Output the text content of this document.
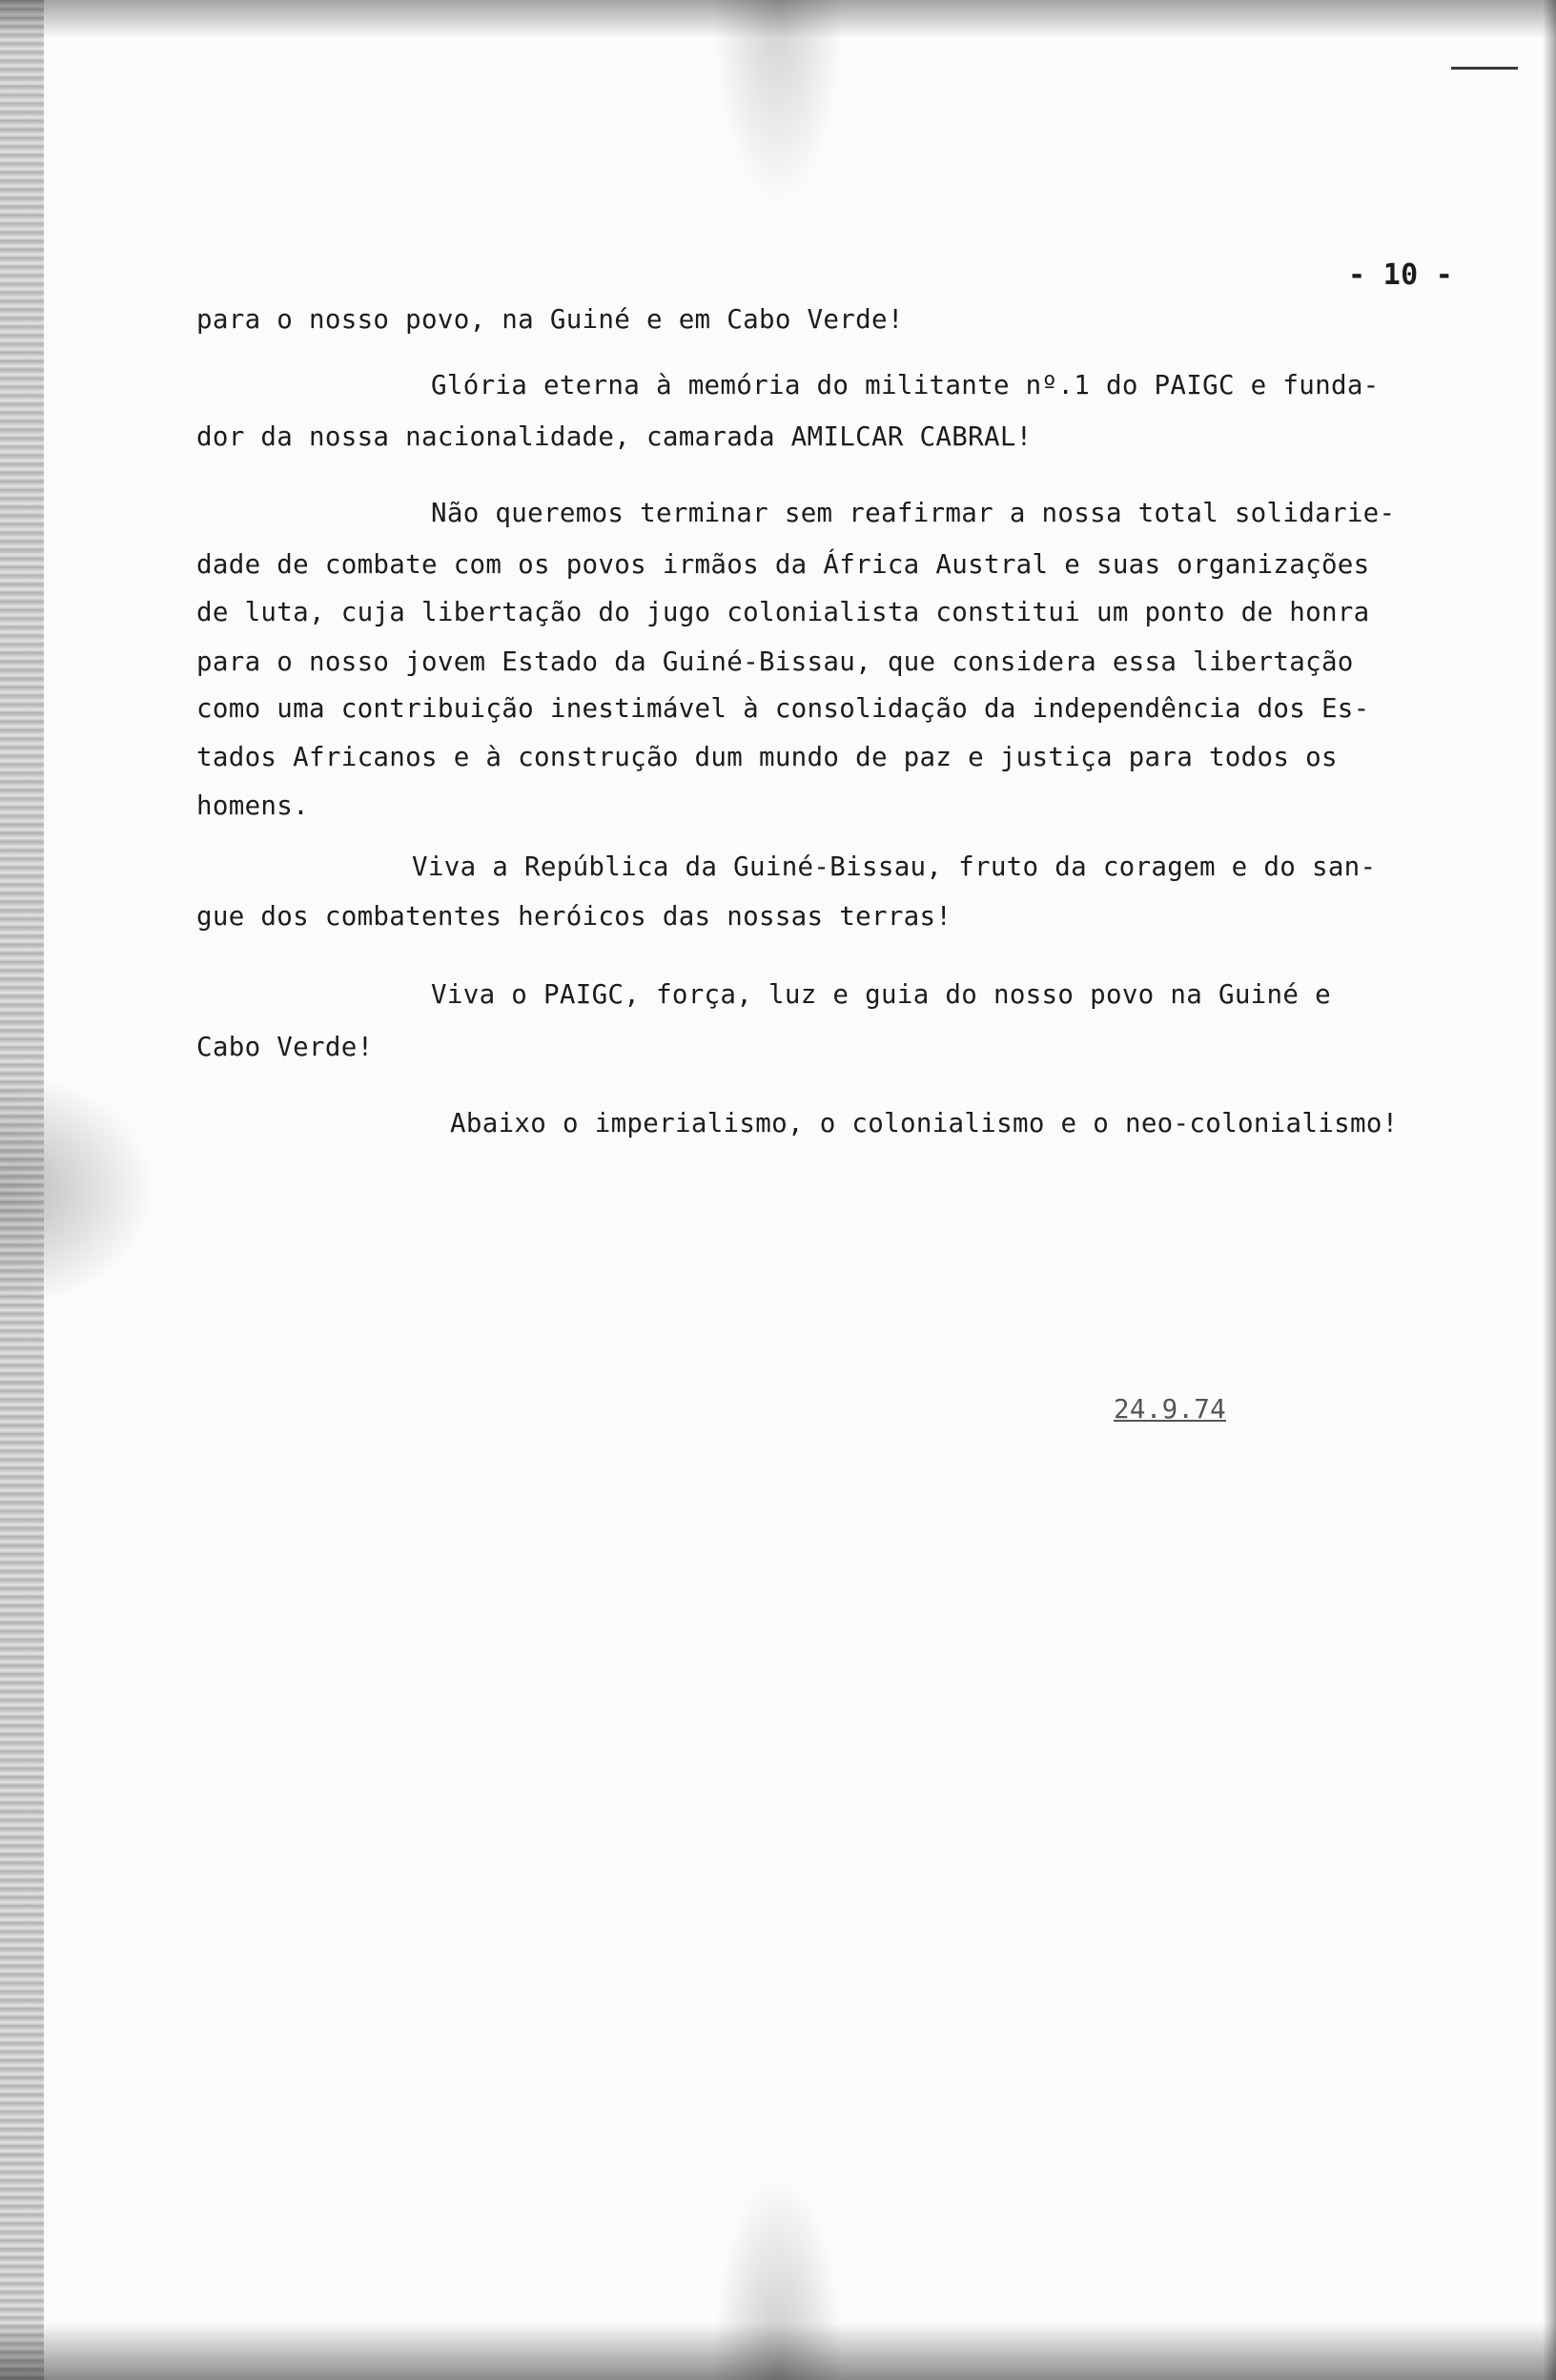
- 10 -
para o nosso povo, na Guiné e em Cabo Verde!
Glória eterna à memória do militante nº.1 do PAIGC e funda-
dor da nossa nacionalidade, camarada AMILCAR CABRAL!
Não queremos terminar sem reafirmar a nossa total solidarie-
dade de combate com os povos irmãos da África Austral e suas organizações
de luta, cuja libertação do jugo colonialista constitui um ponto de honra
para o nosso jovem Estado da Guiné-Bissau, que considera essa libertação
como uma contribuição inestimável à consolidação da independência dos Es-
tados Africanos e à construção dum mundo de paz e justiça para todos os
homens.
Viva a República da Guiné-Bissau, fruto da coragem e do san-
gue dos combatentes heróicos das nossas terras!
Viva o PAIGC, força, luz e guia do nosso povo na Guiné e
Cabo Verde!
Abaixo o imperialismo, o colonialismo e o neo-colonialismo!
24.9.74
